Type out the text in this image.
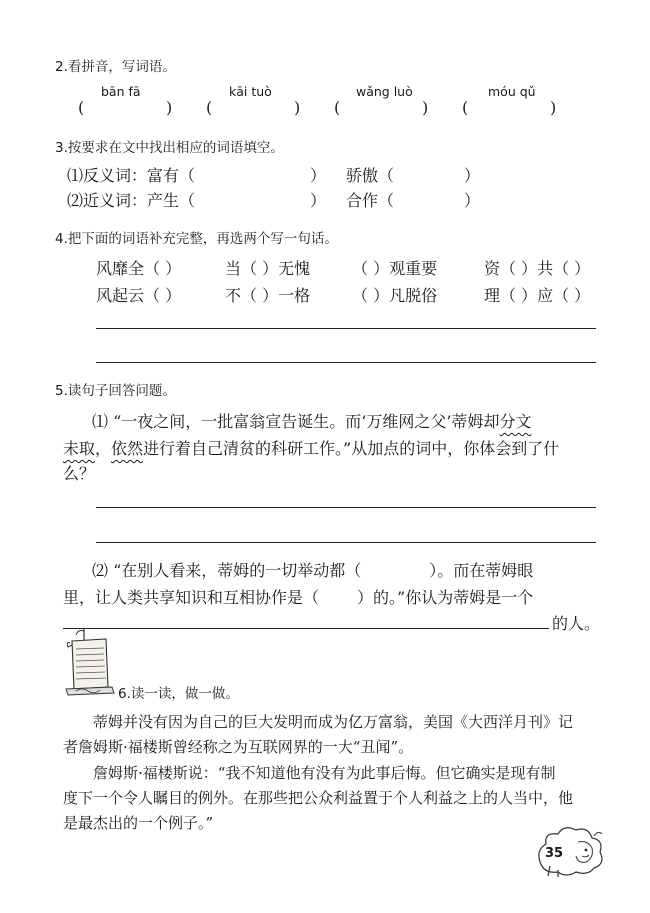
2.看拼音，写词语。
bān fā	kāi tuò	wǎng luò	móu qǔ
(	) (	) (	) (	)
3.按要求在文中找出相应的词语填空。
⑴反义词：富有（	） 骄傲（	）
⑵近义词：产生（	） 合作（	）
4.把下面的词语补充完整，再选两个写一句话。
风靡全（ ）	当（ ）无愧	（ ）观重要	资（ ）共（ ）
风起云（ ）	不（ ）一格	（ ）凡脱俗	理（ ）应（ ）
5.读句子回答问题。
⑴ “一夜之间，一批富翁宣告诞生。而‘万维网之父’蒂姆却分文
未取，依然进行着自己清贫的科研工作。”从加点的词中，你体会到了什
么？
⑵ “在别人看来，蒂姆的一切举动都（	）。而在蒂姆眼
里，让人类共享知识和互相协作是（ ）的。”你认为蒂姆是一个
的人。
6.读一读，做一做。
蒂姆并没有因为自己的巨大发明而成为亿万富翁，美国《大西洋月刊》记
者詹姆斯·福楼斯曾经称之为互联网界的一大“丑闻”。
詹姆斯·福楼斯说：“我不知道他有没有为此事后悔。但它确实是现有制
度下一个令人瞩目的例外。在那些把公众利益置于个人利益之上的人当中，他
是最杰出的一个例子。”
35
